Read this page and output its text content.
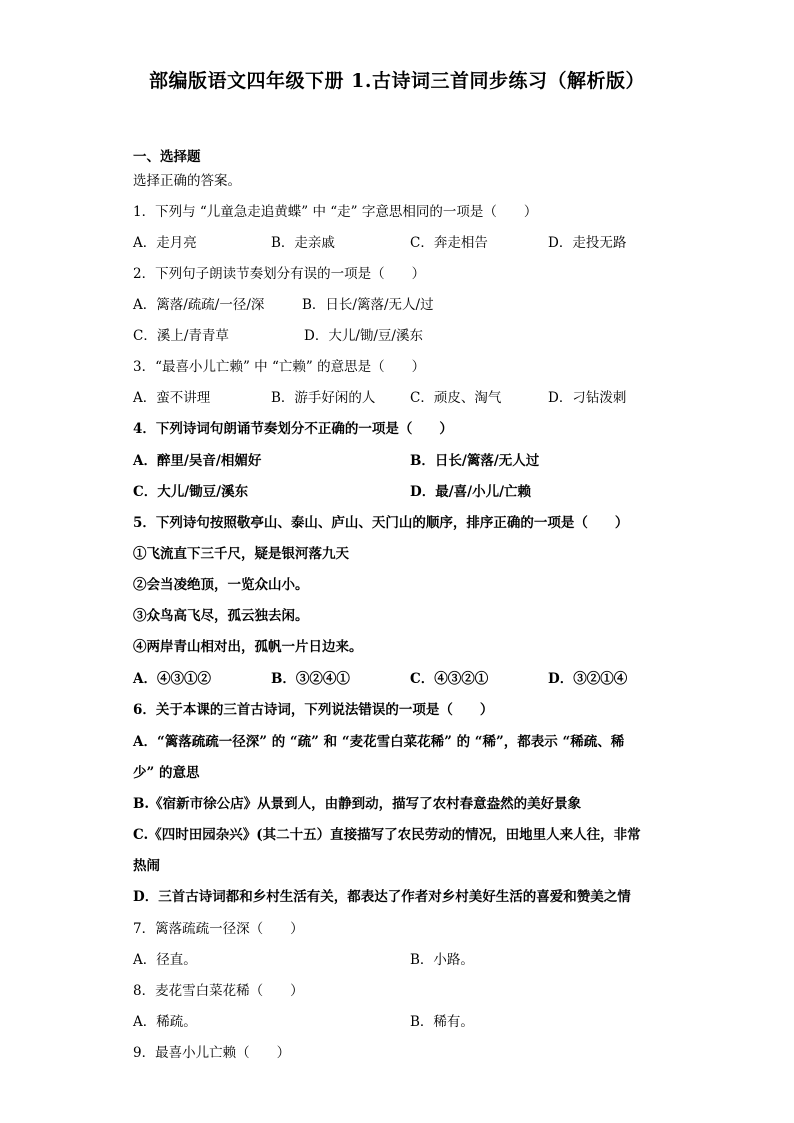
部编版语文四年级下册 1.古诗词三首同步练习（解析版）
一、选择题
选择正确的答案。
1．下列与 “儿童急走追黄蝶” 中 “走” 字意思相同的一项是（　　）
A．走月亮	B．走亲戚	C．奔走相告	D．走投无路
2．下列句子朗读节奏划分有误的一项是（　　）
A．篱落/疏疏/一径/深	B．日长/篱落/无人/过
C．溪上/青青草	D．大儿/锄/豆/溪东
3．“最喜小儿亡赖” 中 “亡赖” 的意思是（　　）
A．蛮不讲理	B．游手好闲的人	C．顽皮、淘气	D．刁钻泼刺
4．下列诗词句朗诵节奏划分不正确的一项是（　　）
A．醉里/吴音/相媚好	B．日长/篱落/无人过
C．大儿/锄豆/溪东	D．最/喜/小儿/亡赖
5．下列诗句按照敬亭山、泰山、庐山、天门山的顺序，排序正确的一项是（　　）
①飞流直下三千尺，疑是银河落九天
②会当凌绝顶，一览众山小。
③众鸟高飞尽，孤云独去闲。
④两岸青山相对出，孤帆一片日边来。
A．④③①②	B．③②④①	C．④③②①	D．③②①④
6．关于本课的三首古诗词，下列说法错误的一项是（　　）
A．“篱落疏疏一径深” 的 “疏” 和 “麦花雪白菜花稀” 的 “稀”，都表示 “稀疏、稀
少” 的意思
B.《宿新市徐公店》从景到人，由静到动，描写了农村春意盎然的美好景象
C.《四时田园杂兴》(其二十五）直接描写了农民劳动的情况，田地里人来人往，非常
热闹
D．三首古诗词都和乡村生活有关，都表达了作者对乡村美好生活的喜爱和赞美之情
7．篱落疏疏一径深（　　）
A．径直。	B．小路。
8．麦花雪白菜花稀（　　）
A．稀疏。	B．稀有。
9．最喜小儿亡赖（　　）
